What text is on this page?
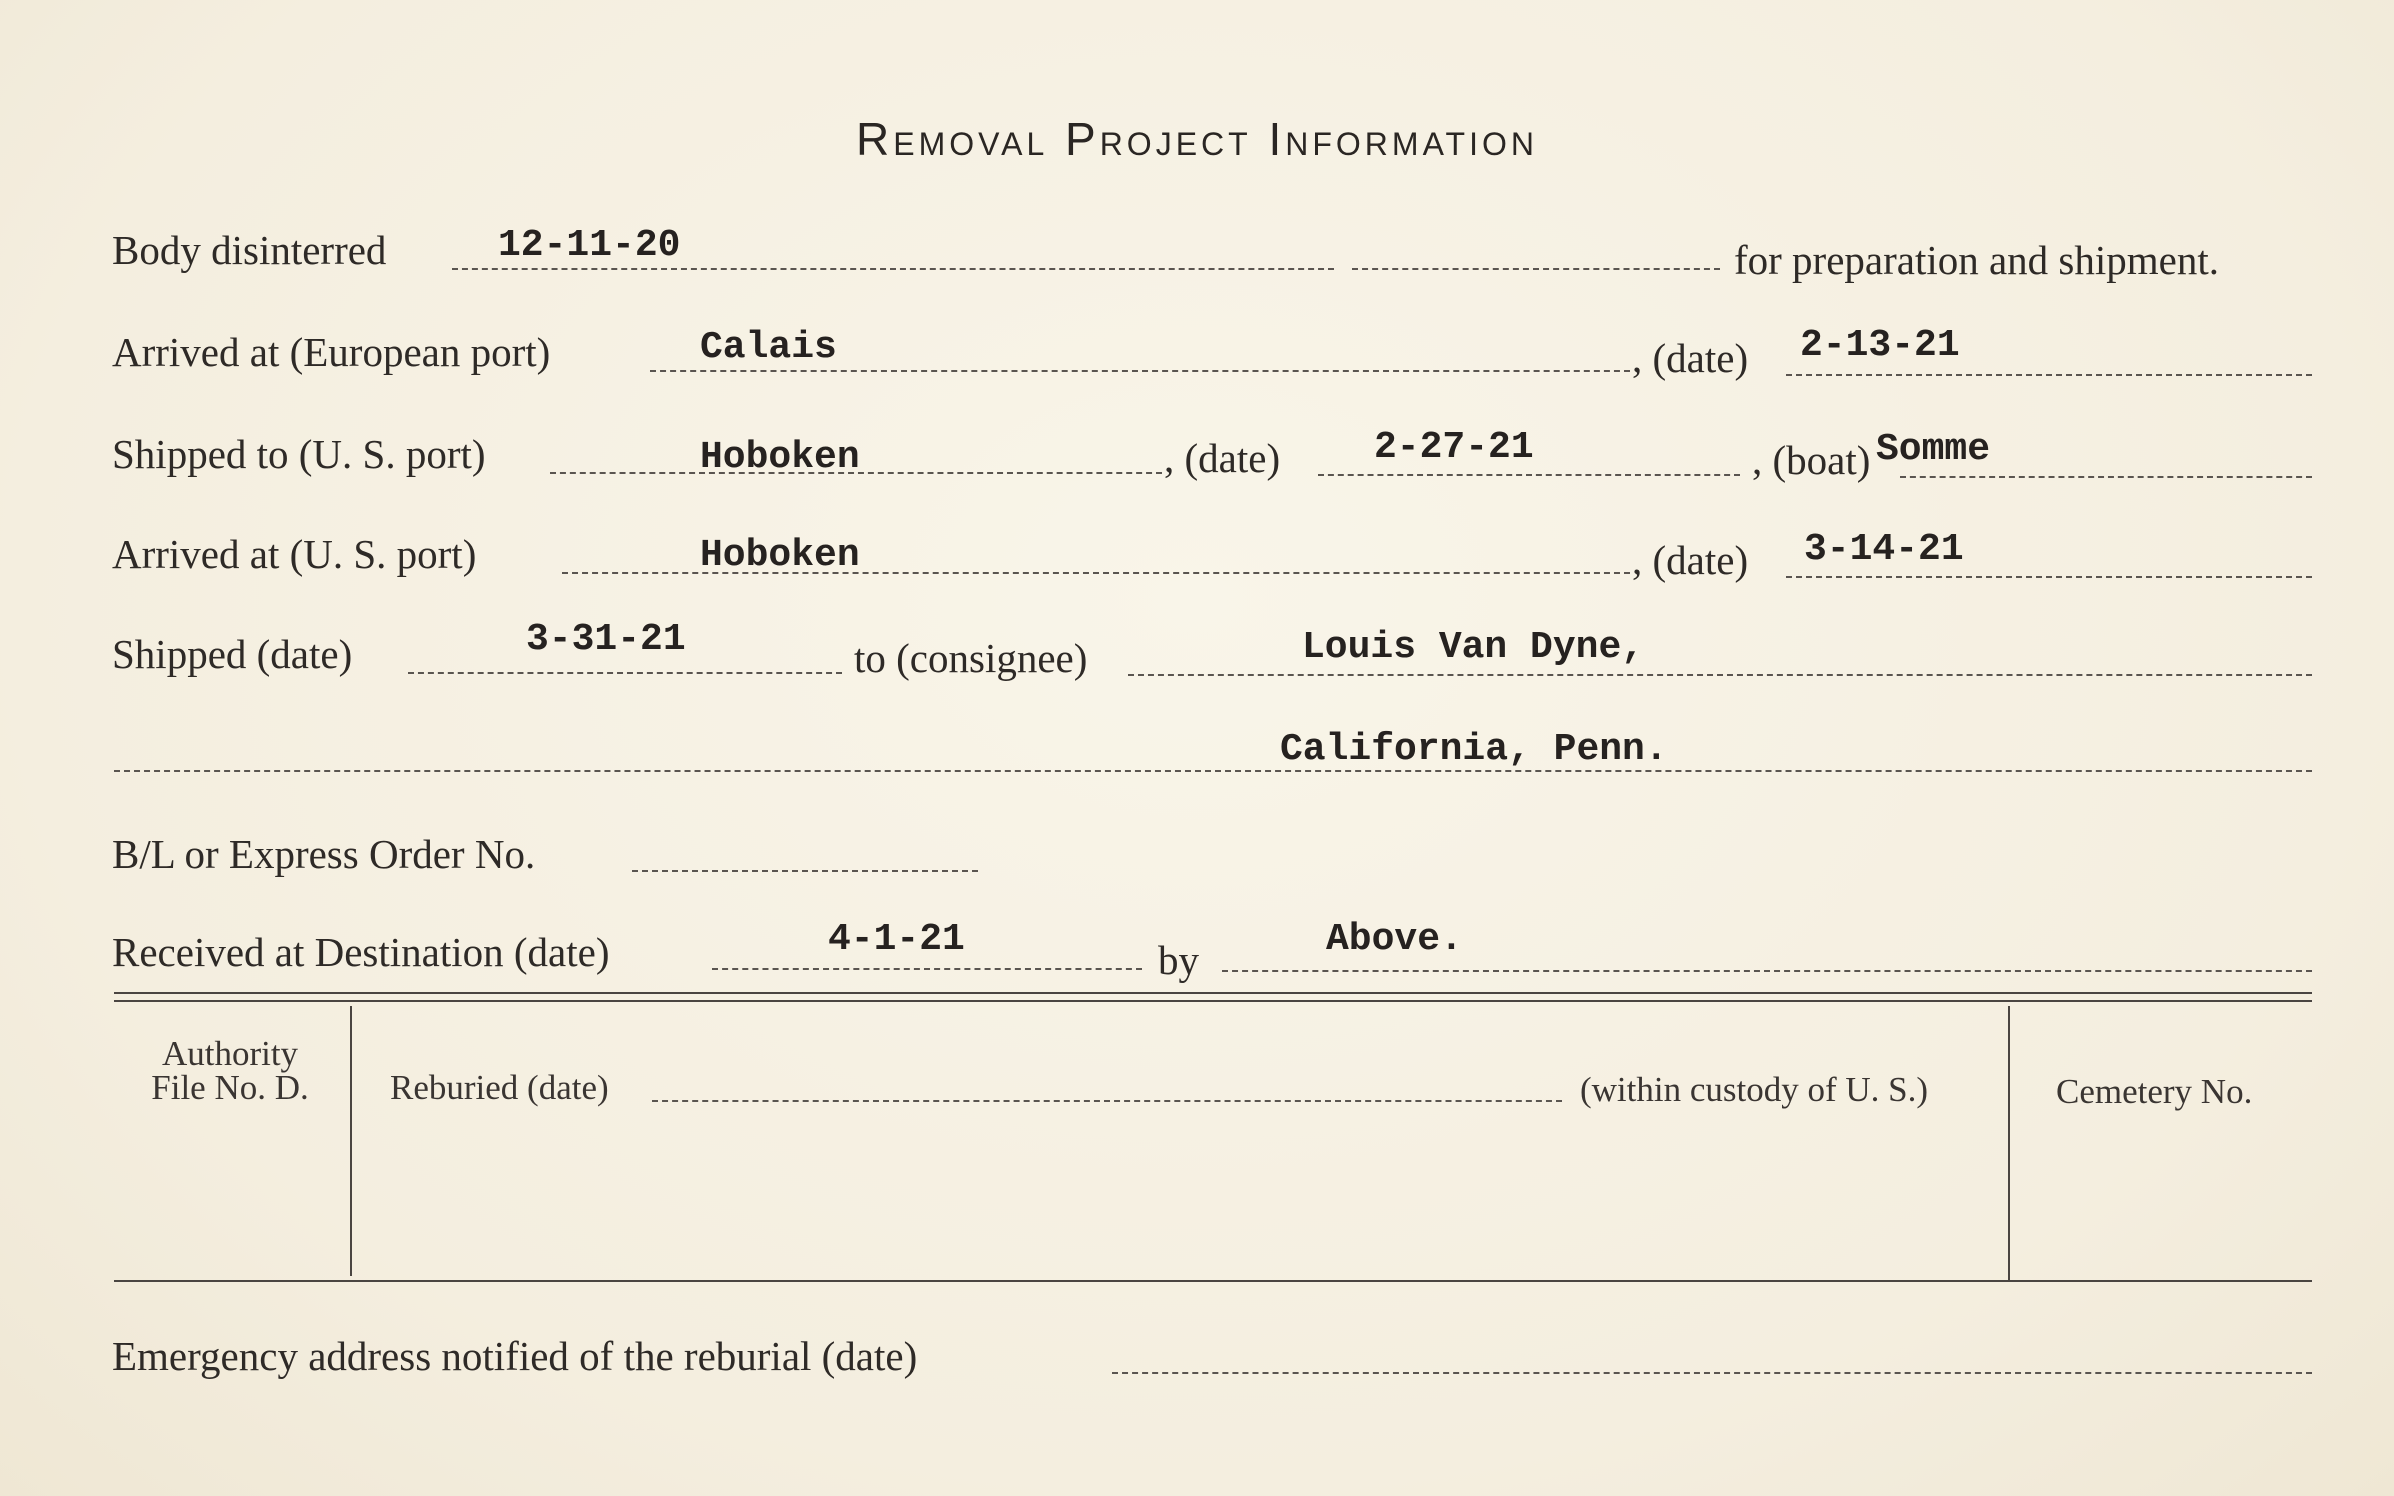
Removal Project Information
Body disinterred	12-11-20	for preparation and shipment.
Arrived at (European port)	Calais	, (date) 2-13-21
Shipped to (U. S. port)	Hoboken	, (date) 2-27-21	, (boat) Somme
Arrived at (U. S. port)	Hoboken	, (date) 3-14-21
Shipped (date)	3-31-21	to (consignee)	Louis Van Dyne,
California, Penn.
B/L or Express Order No.
Received at Destination (date)	4-1-21	by	Above.
Authority
File No. D.	Reburied (date)	(within custody of U. S.)	Cemetery No.
Emergency address notified of the reburial (date)
